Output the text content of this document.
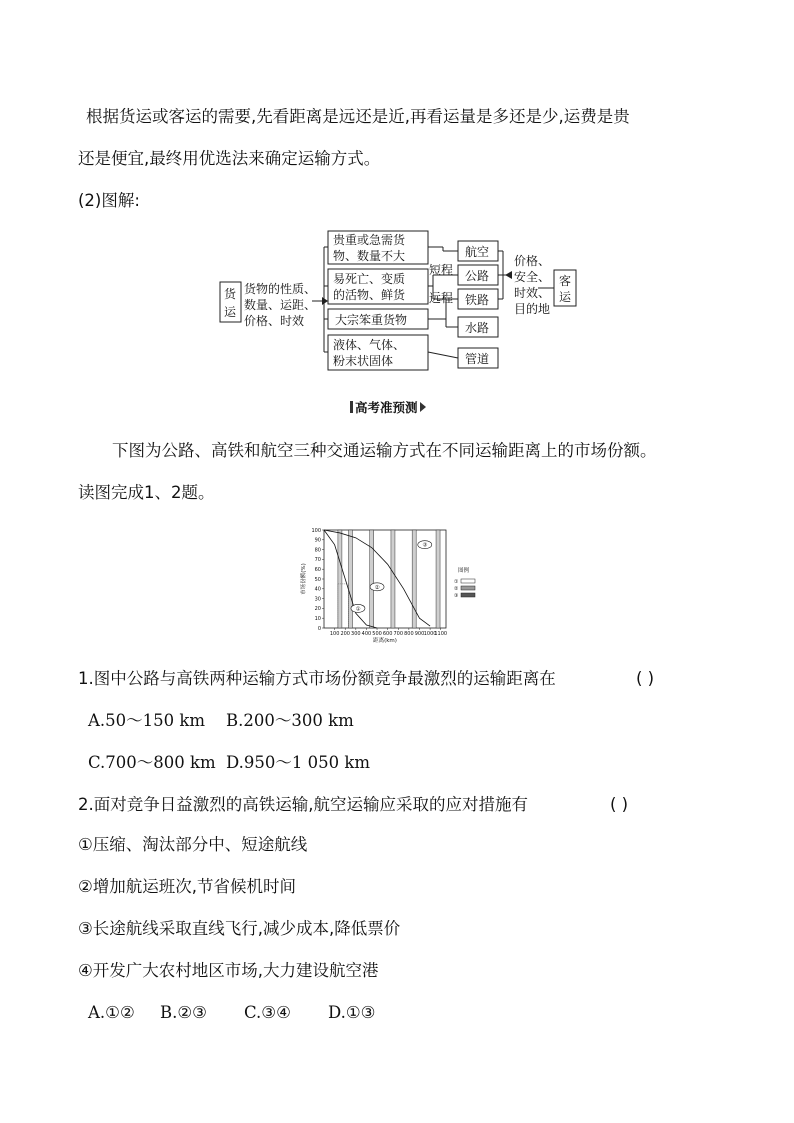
根据货运或客运的需要,先看距离是远还是近,再看运量是多还是少,运费是贵
还是便宜,最终用优选法来确定运输方式。
(2)图解:
货
运
货物的性质、
数量、运距、
价格、时效
贵重或急需货
物、数量不大
易死亡、变质
的活物、鲜货
大宗笨重货物
液体、气体、
粉末状固体
短程
远程
航空
公路
铁路
水路
管道
价格、
安全、
时效、
目的地
客
运
高考准预测
下图为公路、高铁和航空三种交通运输方式在不同运输距离上的市场份额。
读图完成1、2题。
0
10
20
30
40
50
60
70
80
90
100
100 200 300 400 500 600 700 800 900 1000
1100
①
②
③
市场份额(%)
距离(km)
图例
①
②
③
1.图中公路与高铁两种运输方式市场份额竞争最激烈的运输距离在	( )
A.50～150 km B.200～300 km
C.700～800 km D.950～1 050 km
2.面对竞争日益激烈的高铁运输,航空运输应采取的应对措施有	( )
①压缩、淘汰部分中、短途航线
②增加航运班次,节省候机时间
③长途航线采取直线飞行,减少成本,降低票价
④开发广大农村地区市场,大力建设航空港
A.①② B.②③ C.③④ D.①③
